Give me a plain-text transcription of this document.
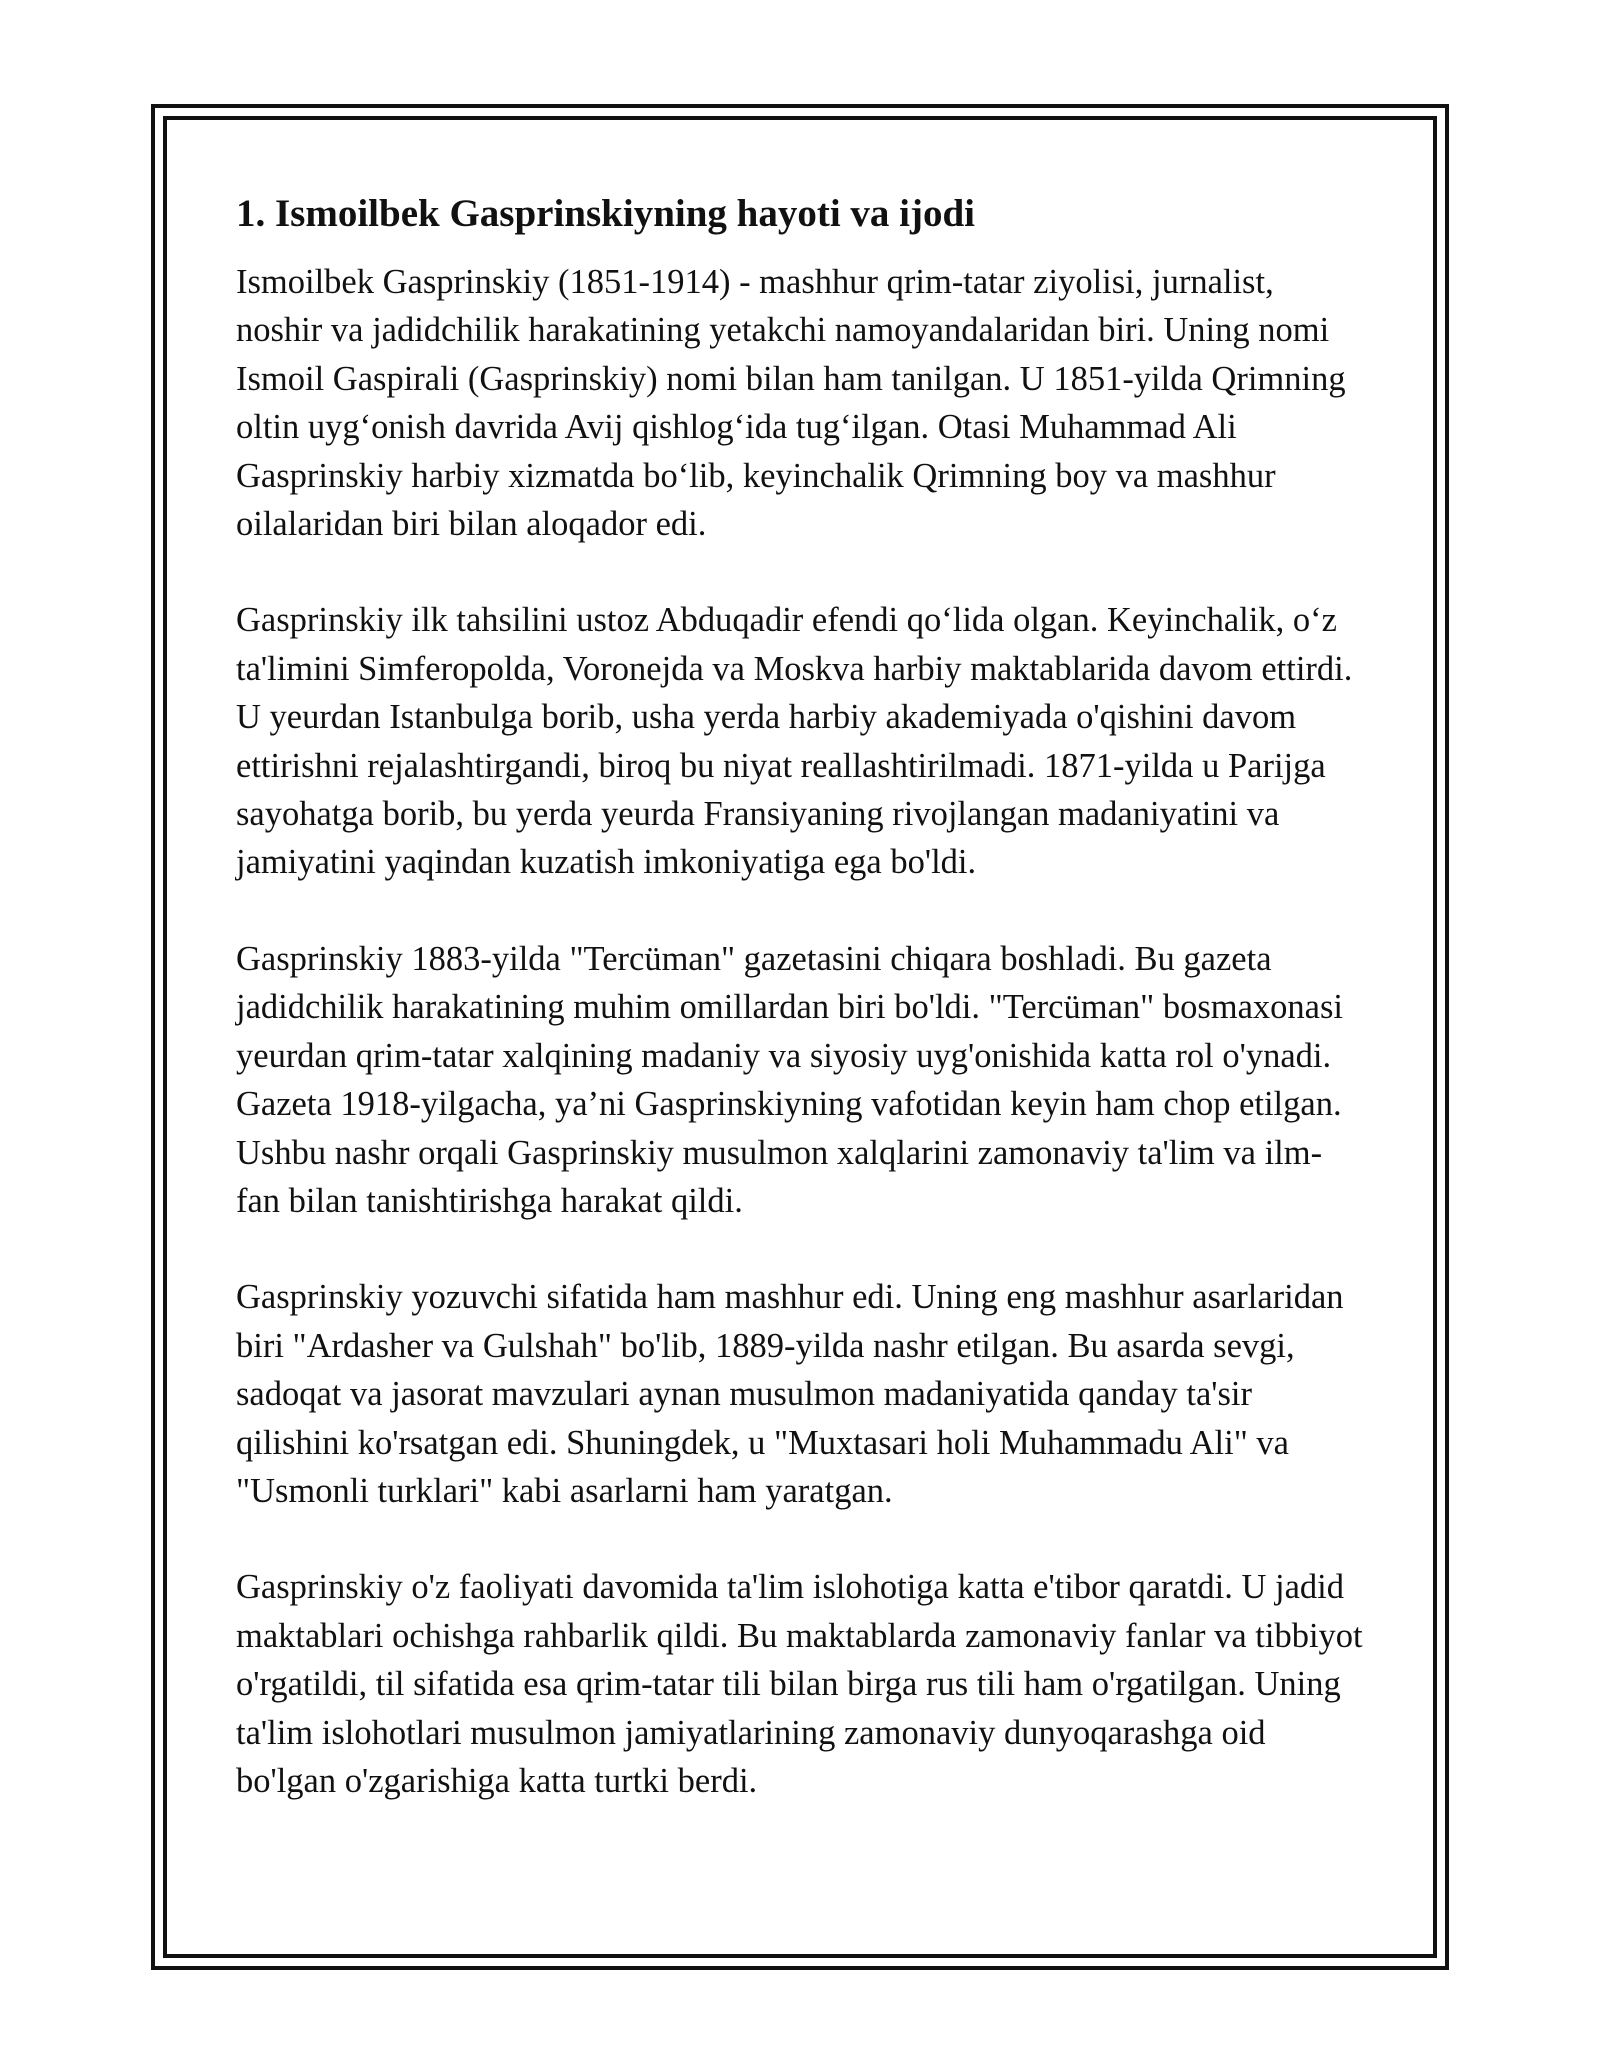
1. Ismoilbek Gasprinskiyning hayoti va ijodi

Ismoilbek Gasprinskiy (1851-1914) - mashhur qrim-tatar ziyolisi, jurnalist, noshir va jadidchilik harakatining yetakchi namoyandalaridan biri. Uning nomi Ismoil Gaspirali (Gasprinskiy) nomi bilan ham tanilgan. U 1851-yilda Qrimning oltin uygʻonish davrida Avij qishlogʻida tugʻilgan. Otasi Muhammad Ali Gasprinskiy harbiy xizmatda boʻlib, keyinchalik Qrimning boy va mashhur oilalaridan biri bilan aloqador edi.

Gasprinskiy ilk tahsilini ustoz Abduqadir efendi qoʻlida olgan. Keyinchalik, oʻz ta'limini Simferopolda, Voronejda va Moskva harbiy maktablarida davom ettirdi. U yeurdan Istanbulga borib, usha yerda harbiy akademiyada o'qishini davom ettirishni rejalashtirgandi, biroq bu niyat reallashtirilmadi. 1871-yilda u Parijga sayohatga borib, bu yerda yeurda Fransiyaning rivojlangan madaniyatini va jamiyatini yaqindan kuzatish imkoniyatiga ega bo'ldi.

Gasprinskiy 1883-yilda "Tercüman" gazetasini chiqara boshladi. Bu gazeta jadidchilik harakatining muhim omillardan biri bo'ldi. "Tercüman" bosmaxonasi yeurdan qrim-tatar xalqining madaniy va siyosiy uyg'onishida katta rol o'ynadi. Gazeta 1918-yilgacha, ya’ni Gasprinskiyning vafotidan keyin ham chop etilgan. Ushbu nashr orqali Gasprinskiy musulmon xalqlarini zamonaviy ta'lim va ilm-fan bilan tanishtirishga harakat qildi.

Gasprinskiy yozuvchi sifatida ham mashhur edi. Uning eng mashhur asarlaridan biri "Ardasher va Gulshah" bo'lib, 1889-yilda nashr etilgan. Bu asarda sevgi, sadoqat va jasorat mavzulari aynan musulmon madaniyatida qanday ta'sir qilishini ko'rsatgan edi. Shuningdek, u "Muxtasari holi Muhammadu Ali" va "Usmonli turklari" kabi asarlarni ham yaratgan.

Gasprinskiy o'z faoliyati davomida ta'lim islohotiga katta e'tibor qaratdi. U jadid maktablari ochishga rahbarlik qildi. Bu maktablarda zamonaviy fanlar va tibbiyot o'rgatildi, til sifatida esa qrim-tatar tili bilan birga rus tili ham o'rgatilgan. Uning ta'lim islohotlari musulmon jamiyatlarining zamonaviy dunyoqarashga oid bo'lgan o'zgarishiga katta turtki berdi.
